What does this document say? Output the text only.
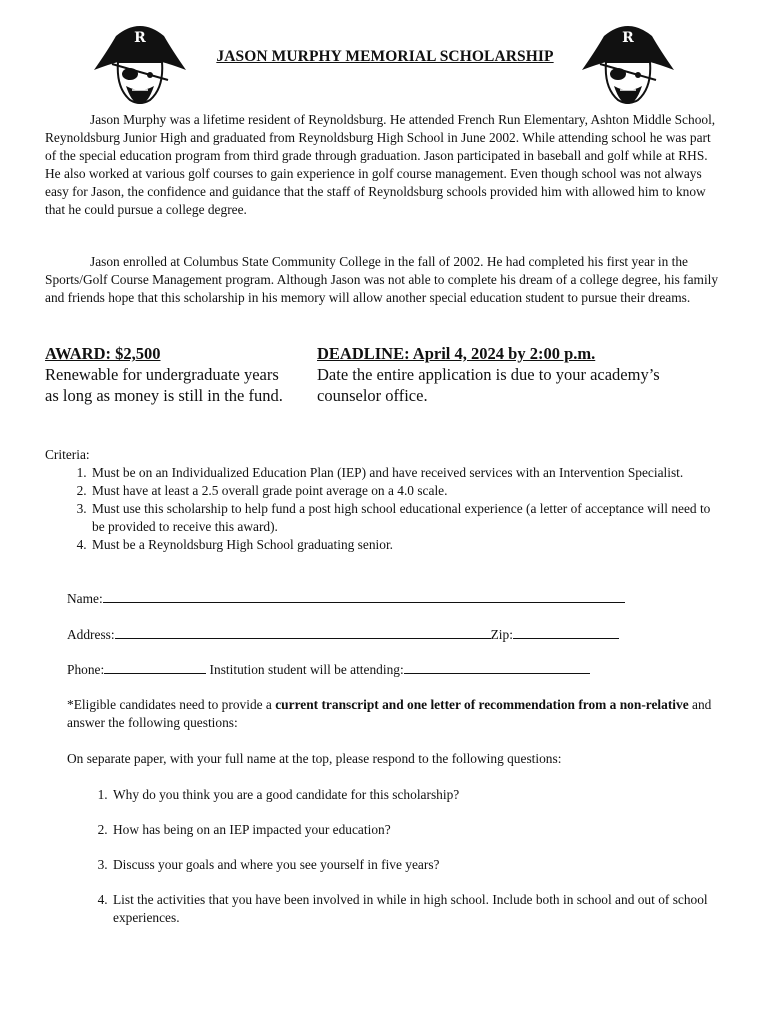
R	R
JASON MURPHY MEMORIAL SCHOLARSHIP

Jason Murphy was a lifetime resident of Reynoldsburg. He attended French Run Elementary, Ashton Middle School, Reynoldsburg Junior High and graduated from Reynoldsburg High School in June 2002. While attending school he was part of the special education program from third grade through graduation. Jason participated in baseball and golf while at RHS. He also worked at various golf courses to gain experience in golf course management. Even though school was not always easy for Jason, the confidence and guidance that the staff of Reynoldsburg schools provided him with allowed him to know that he could pursue a college degree.

Jason enrolled at Columbus State Community College in the fall of 2002. He had completed his first year in the Sports/Golf Course Management program. Although Jason was not able to complete his dream of a college degree, his family and friends hope that this scholarship in his memory will allow another special education student to pursue their dreams.

AWARD: $2,500
Renewable for undergraduate years as long as money is still in the fund.
DEADLINE: April 4, 2024 by 2:00 p.m.
Date the entire application is due to your academy’s counselor office.
Criteria:
1. Must be on an Individualized Education Plan (IEP) and have received services with an Intervention Specialist.
2. Must have at least a 2.5 overall grade point average on a 4.0 scale.
3. Must use this scholarship to help fund a post high school educational experience (a letter of acceptance will need to be provided to receive this award).
4. Must be a Reynoldsburg High School graduating senior.
Name:
Address:	Zip:
Phone:	Institution student will be attending:
*Eligible candidates need to provide a current transcript and one letter of recommendation from a non-relative and answer the following questions:
On separate paper, with your full name at the top, please respond to the following questions:
1. Why do you think you are a good candidate for this scholarship?
2. How has being on an IEP impacted your education?
3. Discuss your goals and where you see yourself in five years?
4. List the activities that you have been involved in while in high school. Include both in school and out of school experiences.
